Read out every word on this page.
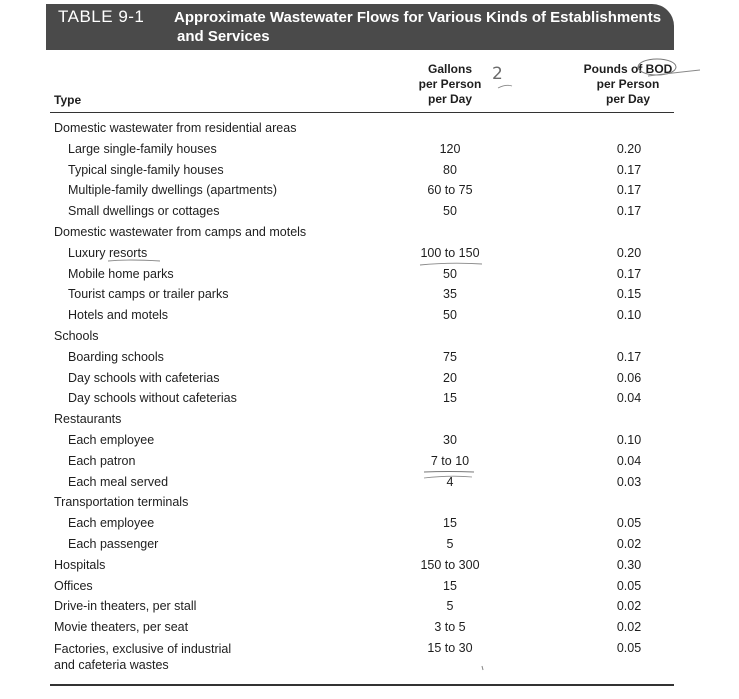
TABLE 9-1 Approximate Wastewater Flows for Various Kinds of Establishments
and Services
Type
Gallons
per Person
per Day
Pounds of BOD
per Person
per Day
Domestic wastewater from residential areas
Large single-family houses	120	0.20
Typical single-family houses	80	0.17
Multiple-family dwellings (apartments)	60 to 75	0.17
Small dwellings or cottages	50	0.17
Domestic wastewater from camps and motels
Luxury resorts	100 to 150	0.20
Mobile home parks	50	0.17
Tourist camps or trailer parks	35	0.15
Hotels and motels	50	0.10
Schools
Boarding schools	75	0.17
Day schools with cafeterias	20	0.06
Day schools without cafeterias	15	0.04
Restaurants
Each employee	30	0.10
Each patron	7 to 10	0.04
Each meal served	4	0.03
Transportation terminals
Each employee	15	0.05
Each passenger	5	0.02
Hospitals	150 to 300	0.30
Offices	15	0.05
Drive-in theaters, per stall	5	0.02
Movie theaters, per seat	3 to 5	0.02
Factories, exclusive of industrial
and cafeteria wastes
15 to 30	0.05
2
